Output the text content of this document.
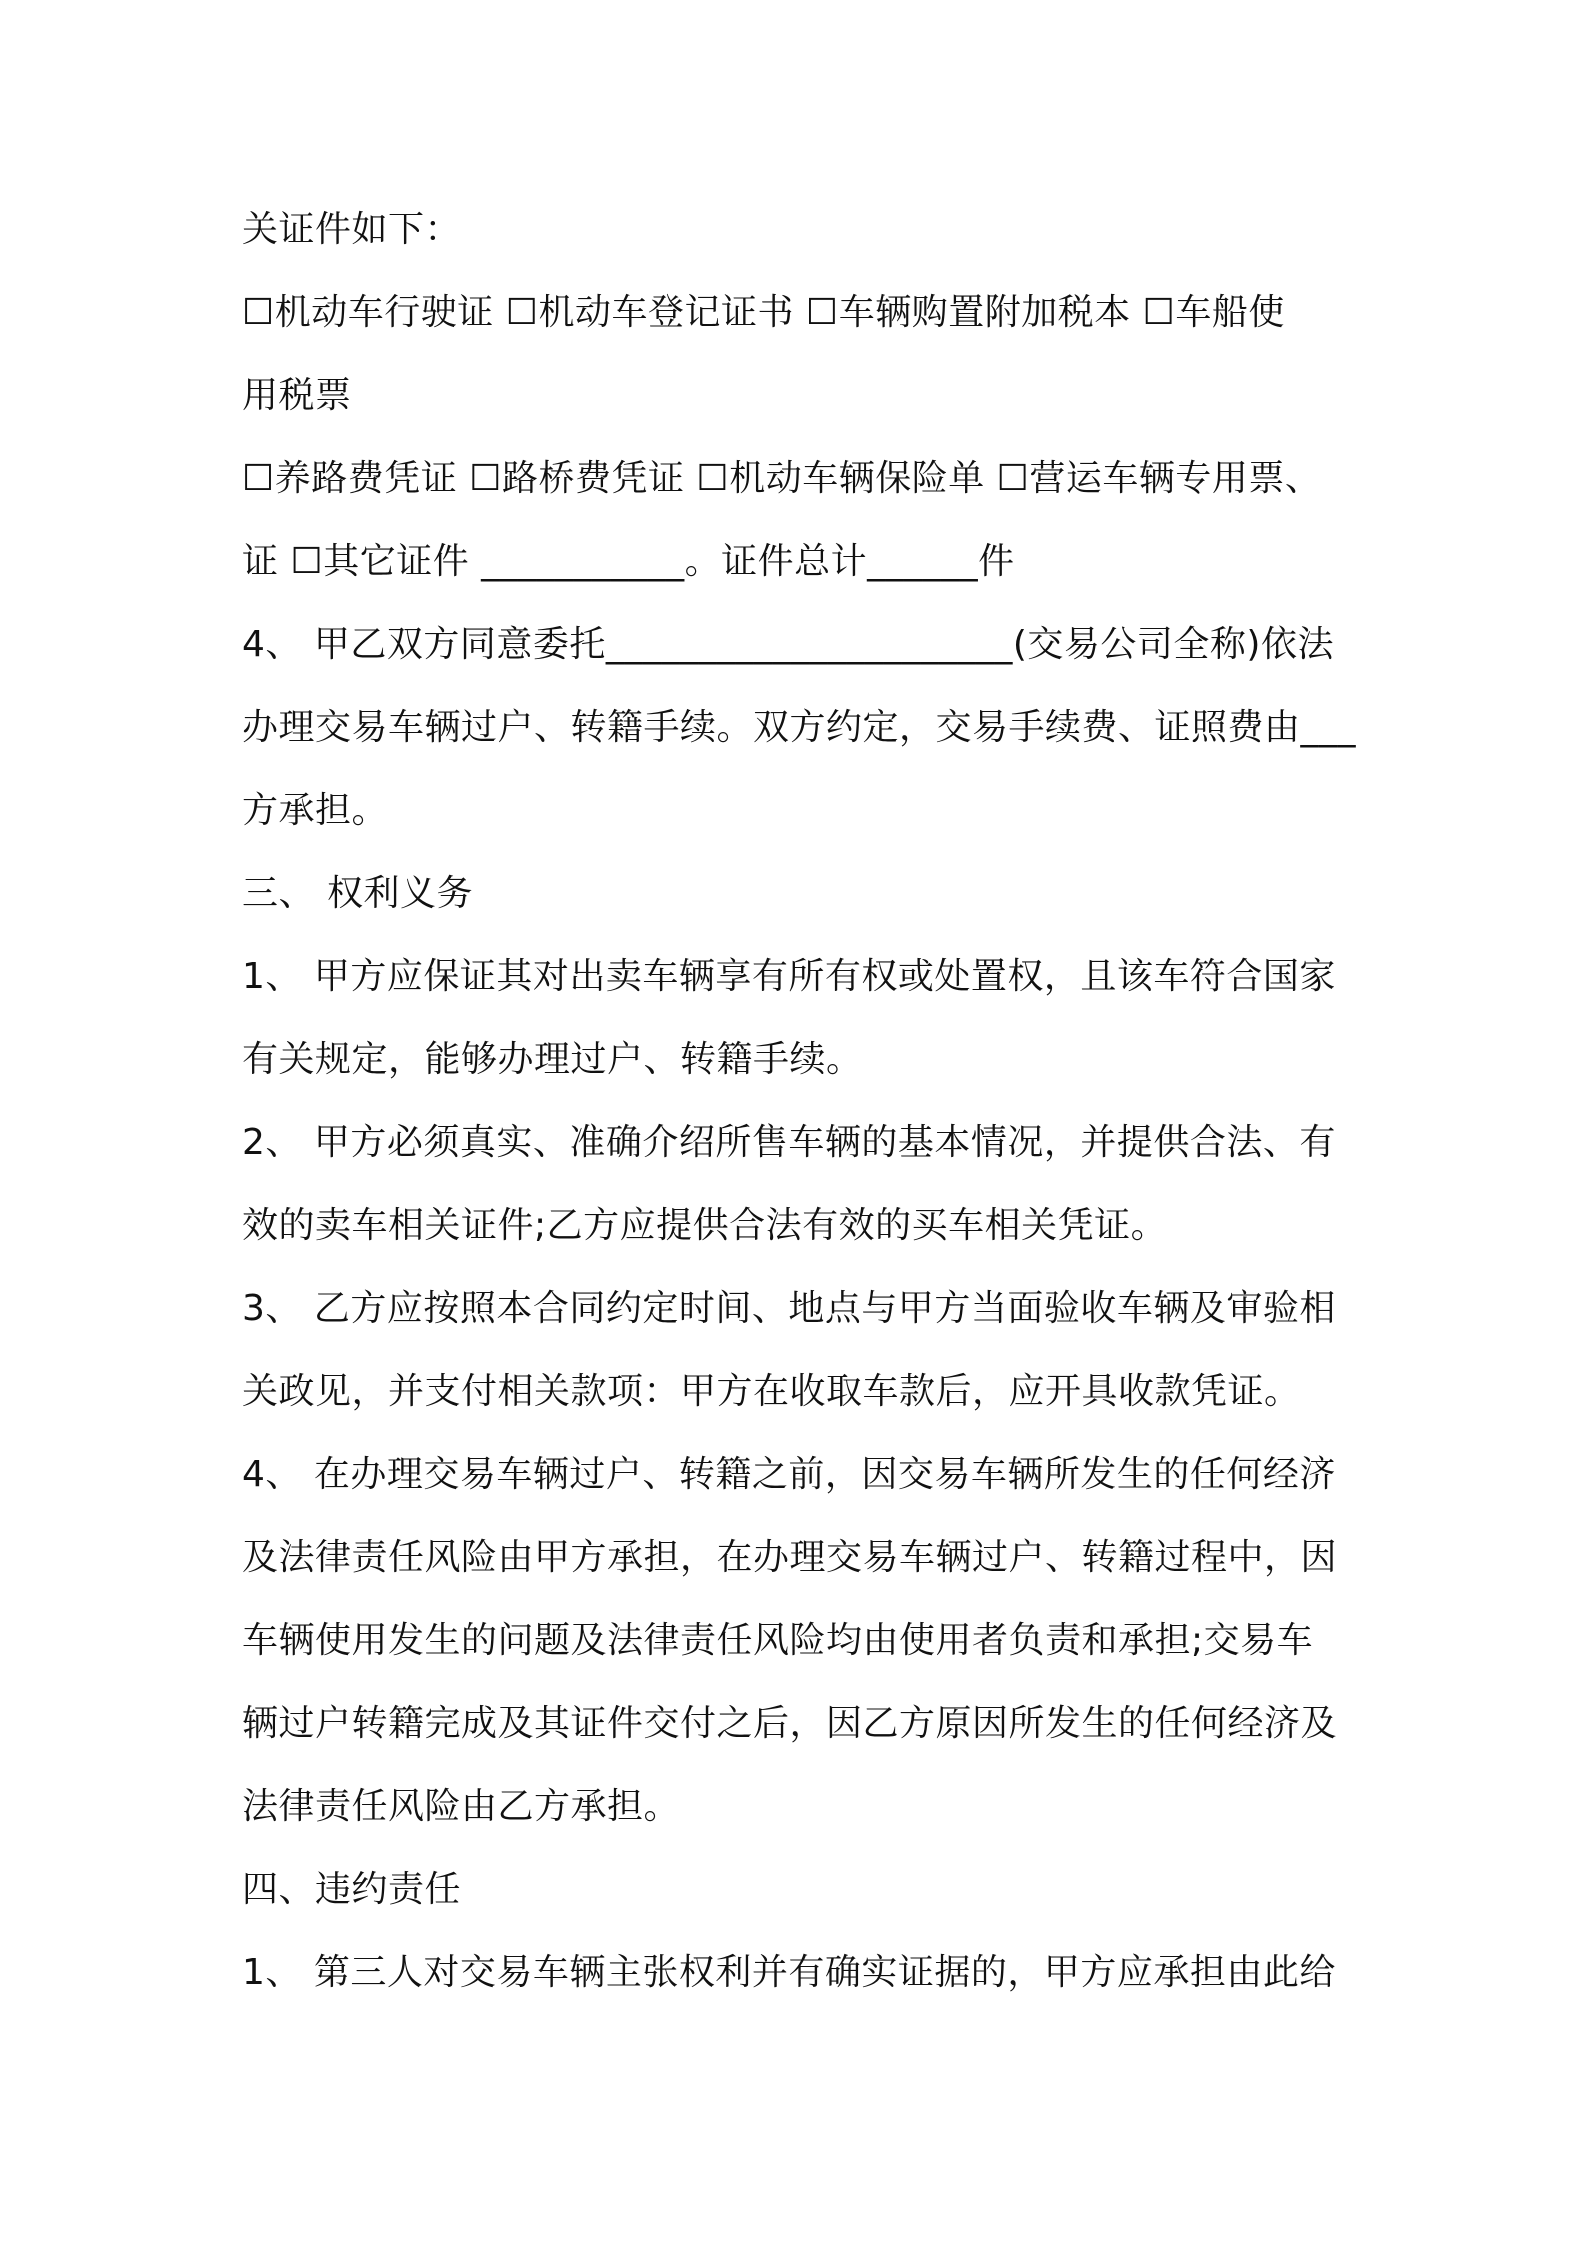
关证件如下：
☐机动车行驶证 ☐机动车登记证书 ☐车辆购置附加税本 ☐车船使
用税票
☐养路费凭证 ☐路桥费凭证 ☐机动车辆保险单 ☐营运车辆专用票、
证 ☐其它证件 ___________。证件总计______件
4、 甲乙双方同意委托______________________(交易公司全称)依法
办理交易车辆过户、转籍手续。双方约定，交易手续费、证照费由___
方承担。
三、 权利义务
1、 甲方应保证其对出卖车辆享有所有权或处置权，且该车符合国家
有关规定，能够办理过户、转籍手续。
2、 甲方必须真实、准确介绍所售车辆的基本情况，并提供合法、有
效的卖车相关证件;乙方应提供合法有效的买车相关凭证。
3、 乙方应按照本合同约定时间、地点与甲方当面验收车辆及审验相
关政见，并支付相关款项：甲方在收取车款后，应开具收款凭证。
4、 在办理交易车辆过户、转籍之前，因交易车辆所发生的任何经济
及法律责任风险由甲方承担，在办理交易车辆过户、转籍过程中，因
车辆使用发生的问题及法律责任风险均由使用者负责和承担;交易车
辆过户转籍完成及其证件交付之后，因乙方原因所发生的任何经济及
法律责任风险由乙方承担。
四、违约责任
1、 第三人对交易车辆主张权利并有确实证据的，甲方应承担由此给
